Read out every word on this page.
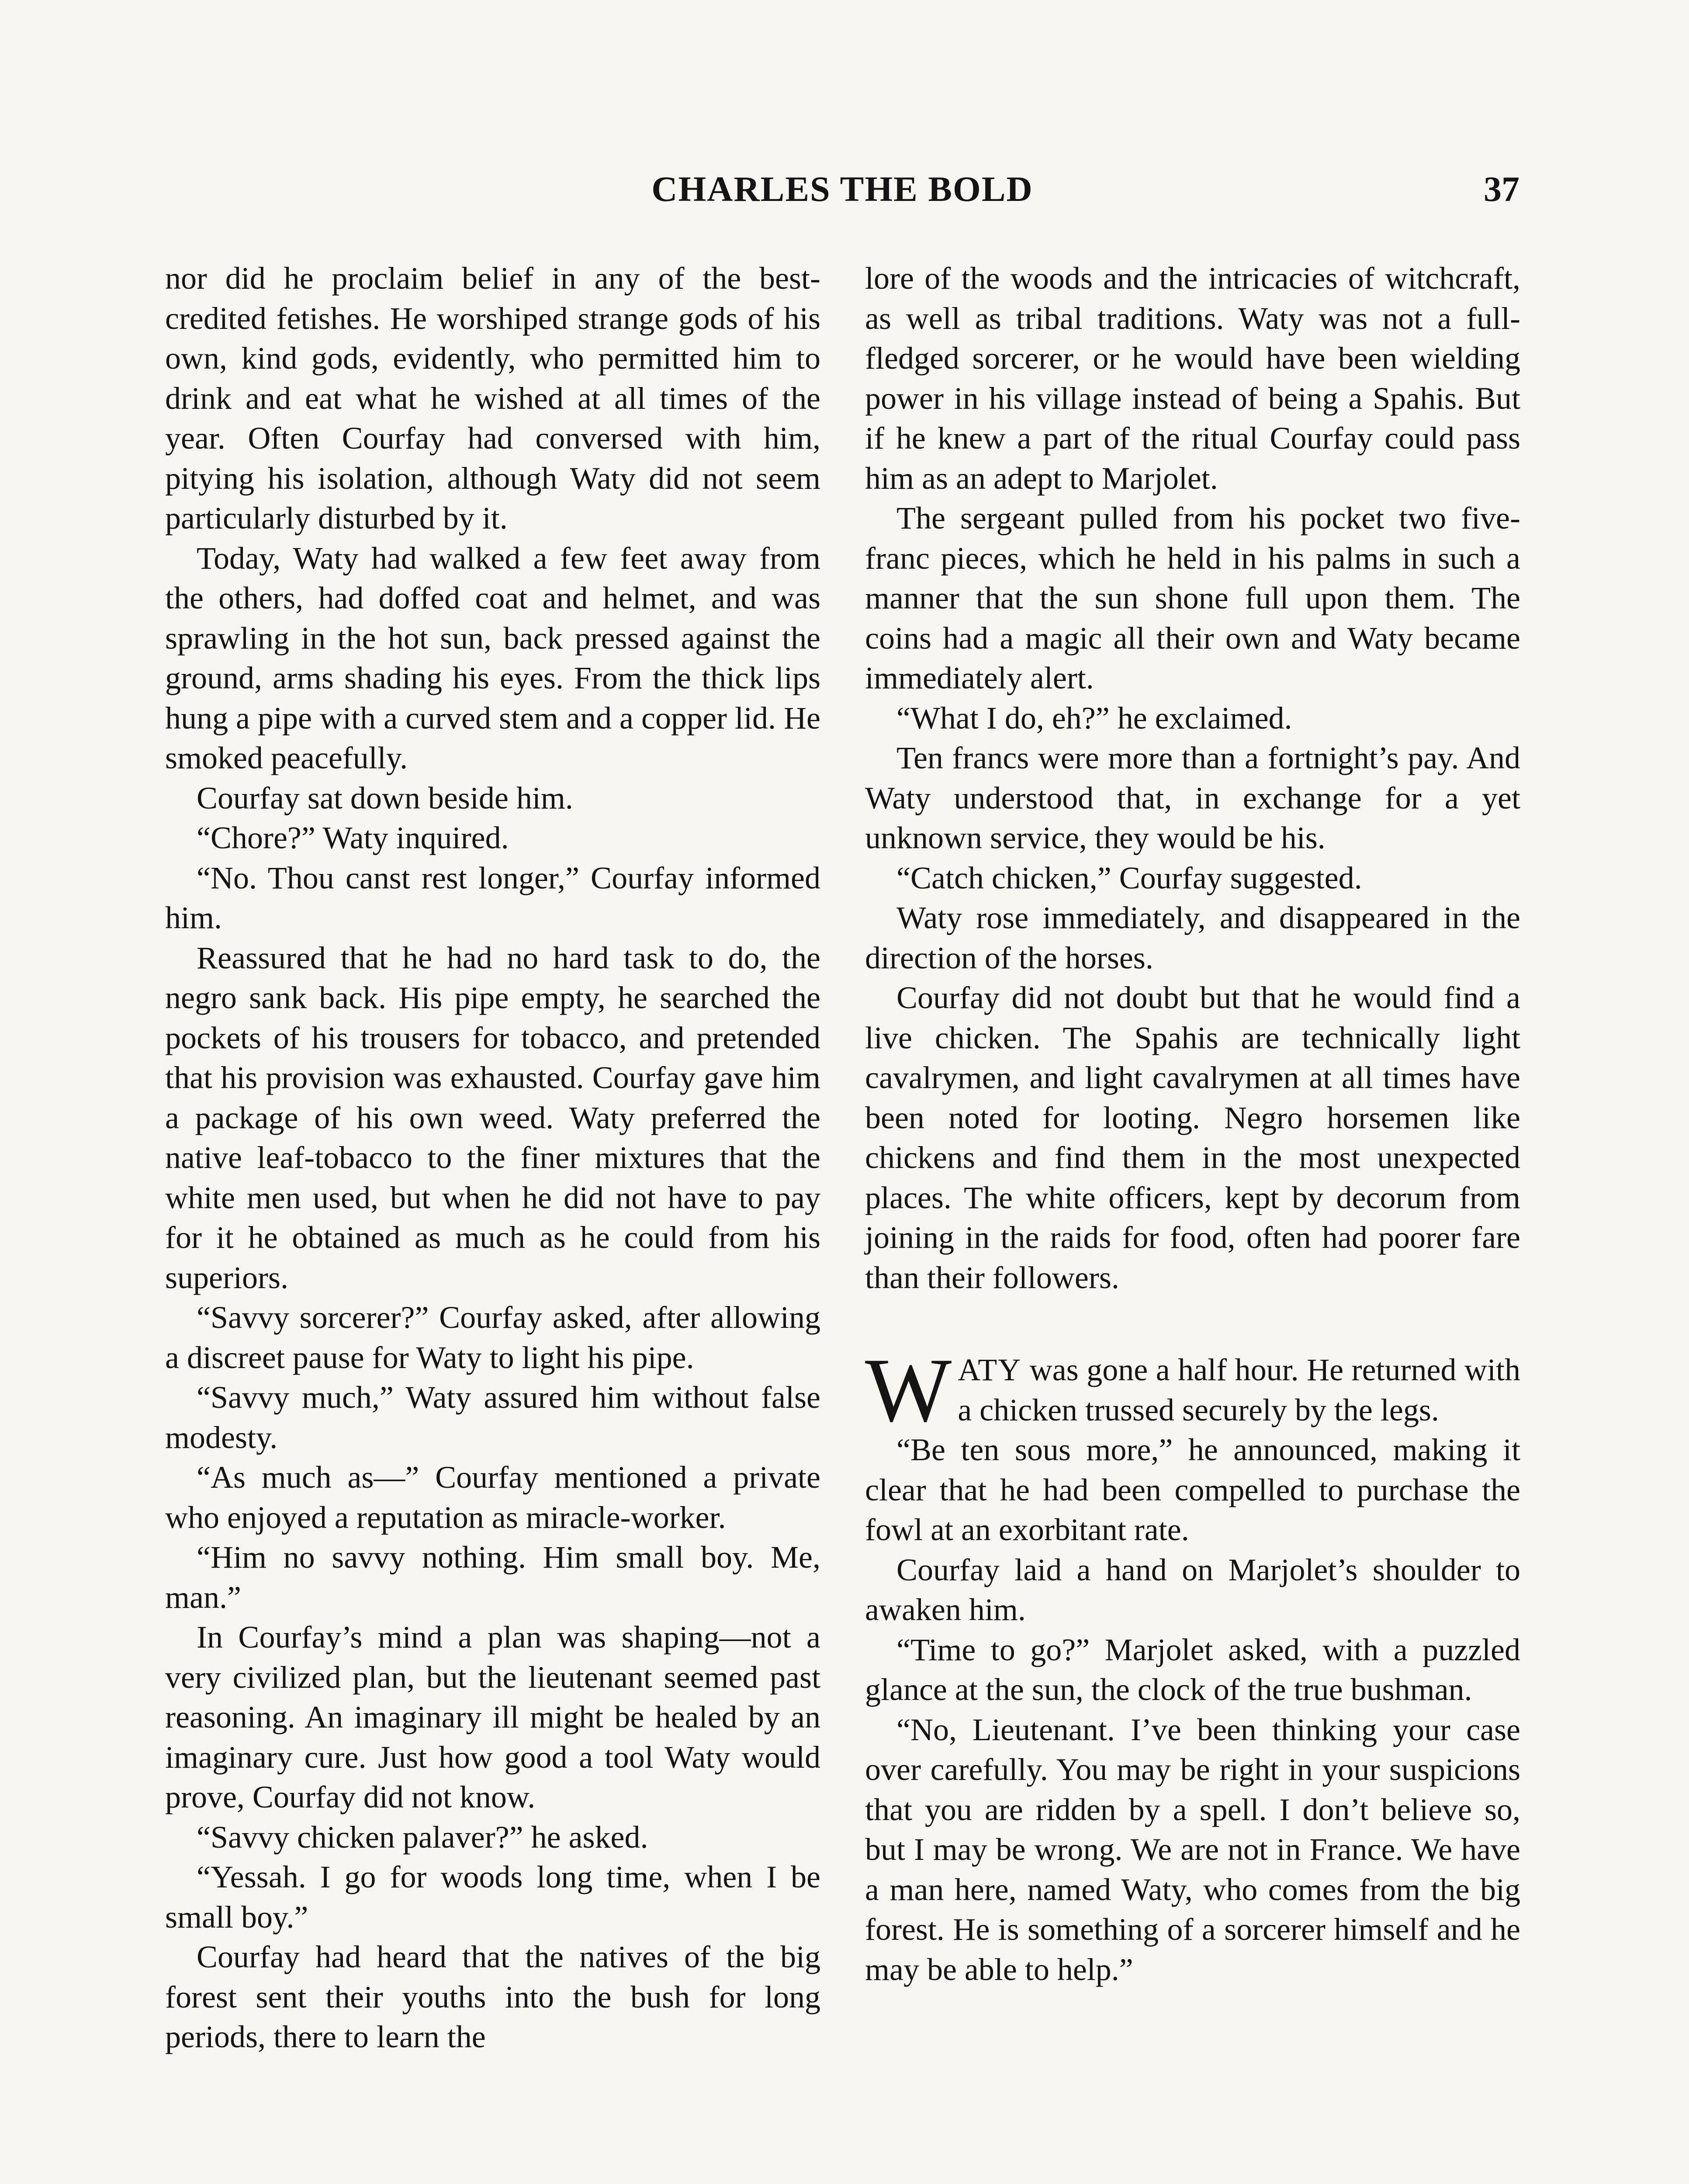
CHARLES THE BOLD	37

nor did he proclaim belief in any of the best-credited fetishes. He worshiped strange gods of his own, kind gods, evidently, who permitted him to drink and eat what he wished at all times of the year. Often Courfay had conversed with him, pitying his isolation, although Waty did not seem particularly disturbed by it.

Today, Waty had walked a few feet away from the others, had doffed coat and helmet, and was sprawling in the hot sun, back pressed against the ground, arms shading his eyes. From the thick lips hung a pipe with a curved stem and a copper lid. He smoked peacefully.

Courfay sat down beside him.

“Chore?” Waty inquired.

“No. Thou canst rest longer,” Courfay informed him.

Reassured that he had no hard task to do, the negro sank back. His pipe empty, he searched the pockets of his trousers for tobacco, and pretended that his provision was exhausted. Courfay gave him a package of his own weed. Waty preferred the native leaf-tobacco to the finer mixtures that the white men used, but when he did not have to pay for it he obtained as much as he could from his superiors.

“Savvy sorcerer?” Courfay asked, after allowing a discreet pause for Waty to light his pipe.

“Savvy much,” Waty assured him without false modesty.

“As much as—” Courfay mentioned a private who enjoyed a reputation as miracle-worker.

“Him no savvy nothing. Him small boy. Me, man.”

In Courfay’s mind a plan was shaping—not a very civilized plan, but the lieutenant seemed past reasoning. An imaginary ill might be healed by an imaginary cure. Just how good a tool Waty would prove, Courfay did not know.

“Savvy chicken palaver?” he asked.

“Yessah. I go for woods long time, when I be small boy.”

Courfay had heard that the natives of the big forest sent their youths into the bush for long periods, there to learn the

lore of the woods and the intricacies of witchcraft, as well as tribal traditions. Waty was not a full-fledged sorcerer, or he would have been wielding power in his village instead of being a Spahis. But if he knew a part of the ritual Courfay could pass him as an adept to Marjolet.

The sergeant pulled from his pocket two five-franc pieces, which he held in his palms in such a manner that the sun shone full upon them. The coins had a magic all their own and Waty became immediately alert.

“What I do, eh?” he exclaimed.

Ten francs were more than a fortnight’s pay. And Waty understood that, in exchange for a yet unknown service, they would be his.

“Catch chicken,” Courfay suggested.

Waty rose immediately, and disappeared in the direction of the horses.

Courfay did not doubt but that he would find a live chicken. The Spahis are technically light cavalrymen, and light cavalrymen at all times have been noted for looting. Negro horsemen like chickens and find them in the most unexpected places. The white officers, kept by decorum from joining in the raids for food, often had poorer fare than their followers.

WATY was gone a half hour. He returned with a chicken trussed securely by the legs.

“Be ten sous more,” he announced, making it clear that he had been compelled to purchase the fowl at an exorbitant rate.

Courfay laid a hand on Marjolet’s shoulder to awaken him.

“Time to go?” Marjolet asked, with a puzzled glance at the sun, the clock of the true bushman.

“No, Lieutenant. I’ve been thinking your case over carefully. You may be right in your suspicions that you are ridden by a spell. I don’t believe so, but I may be wrong. We are not in France. We have a man here, named Waty, who comes from the big forest. He is something of a sorcerer himself and he may be able to help.”
